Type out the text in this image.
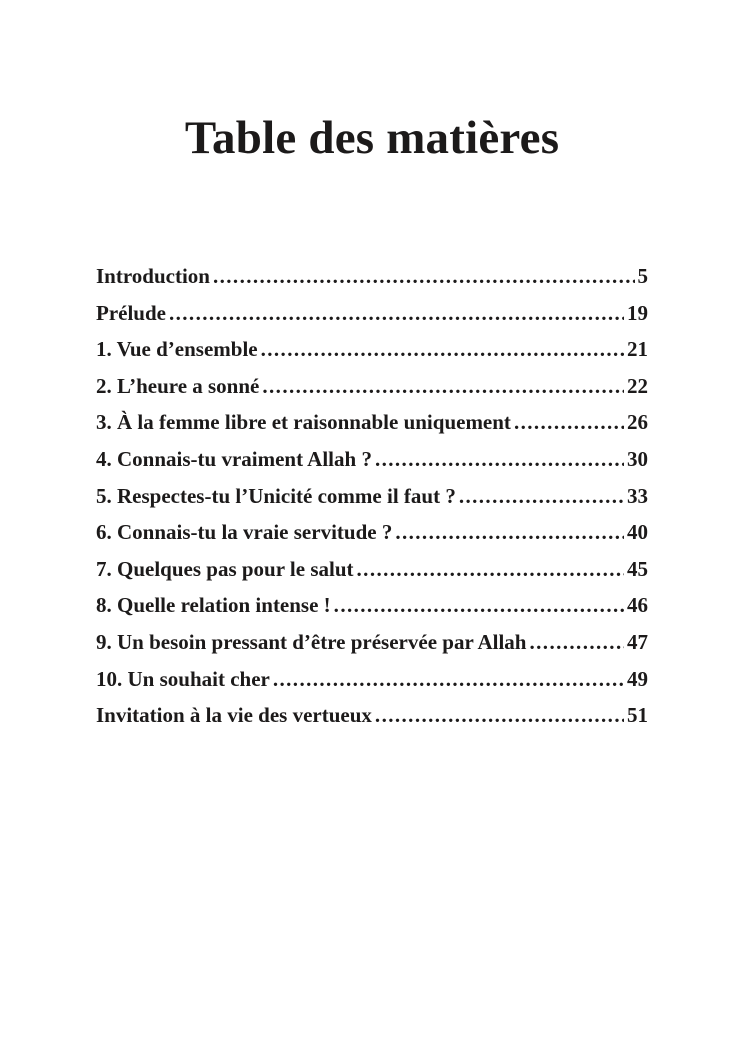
Table des matières
Introduction .....	5
Prélude .....	19
1. Vue d’ensemble .....	21
2. L’heure a sonné .....	22
3. À la femme libre et raisonnable uniquement .....	26
4. Connais-tu vraiment Allah ? .....	30
5. Respectes-tu l’Unicité comme il faut ? .....	33
6. Connais-tu la vraie servitude ? .....	40
7. Quelques pas pour le salut .....	45
8. Quelle relation intense ! .....	46
9. Un besoin pressant d’être préservée par Allah .....	47
10. Un souhait cher .....	49
Invitation à la vie des vertueux .....	51
